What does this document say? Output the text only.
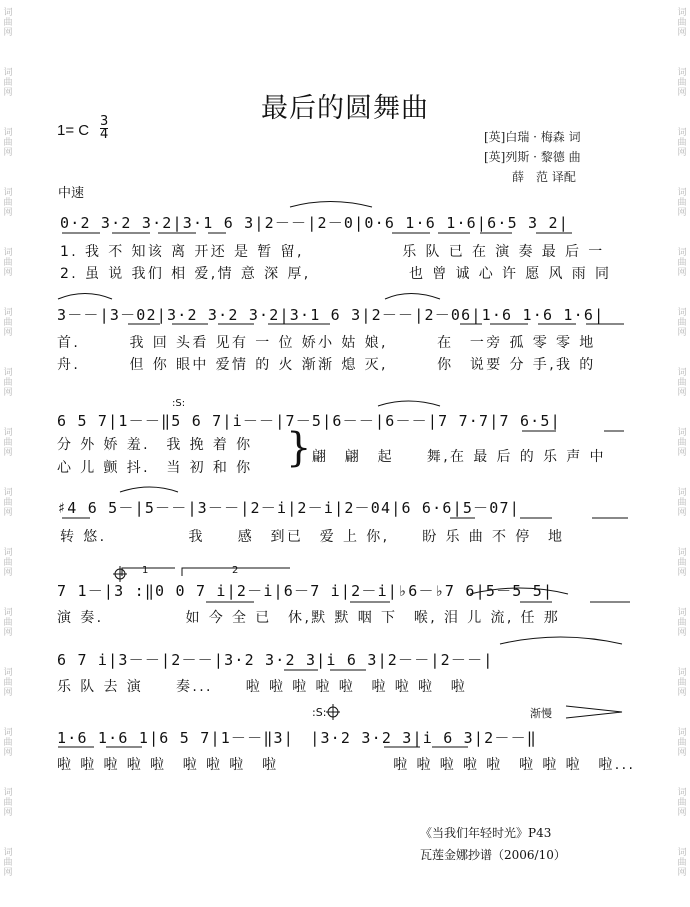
词
曲
网
词
曲
网
词
曲
网
词
曲
网
词
曲
网
词
曲
网
词
曲
网
词
曲
网
词
曲
网
词
曲
网
词
曲
网
词
曲
网
词
曲
网
词
曲
网
词
曲
网
词
曲
网
词
曲
网
词
曲
网
词
曲
网
词
曲
网
词
曲
网
词
曲
网
词
曲
网
词
曲
网
词
曲
网
词
曲
网
词
曲
网
词
曲
网
词
曲
网
词
曲
网
最后的圆舞曲
1= C
3
4	[英]白瑞 · 梅森 词
[英]列斯 · 黎德 曲
薛　范 译配
中速
0·2 3·2 3·2|3·1 6 3|2－－|2－0|0·6 1·6 1·6|6·5 3 2|
1. 我 不 知该 离 开还 是 暂 留,　　　　　　乐 队 已 在 演 奏 最 后 一
2. 虽 说 我们 相 爱,情 意 深 厚,　　　　　　也 曾 诚 心 许 愿 风 雨 同
3－－|3－02|3·2 3·2 3·2|3·1 6 3|2－－|2－06|1·6 1·6 1·6|
首.　　　我 回 头看 见有 一 位 娇小 姑 娘,　　　在　一旁 孤 零 零 地
舟.　　　但 你 眼中 爱情 的 火 渐渐 熄 灭,　　　你　说要 分 手,我 的
:S:
6 5 7|1－－‖5 6 7|i－－|7－5|6－－|6－－|7 7·7|7 6·5|
分 外 娇 羞.　我 挽 着 你
心 儿 颤 抖.　当 初 和 你 } 翩　翩　起　　舞,在 最 后 的 乐 声 中
♯4 6 5－|5－－|3－－|2－i|2－i|2－04|6 6·6|5－07|
转 悠.　　　　　我　　感　到已　爱 上 你,　　盼 乐 曲 不 停　地
1	2
7 1－|3 :‖0 0 7 i|2－i|6－7 i|2－i|♭6－♭7 6|5－5 5|
演 奏.　　　　　如 今 全 已　休,默 默 咽 下　喉, 泪 儿 流, 任 那
6 7 i|3－－|2－－|3·2 3·2 3|i 6 3|2－－|2－－|
乐 队 去 演　　奏...　　啦 啦 啦 啦 啦　啦 啦 啦　啦
渐慢
1·6 1·6 1|6 5 7|1－－‖3|　|3·2 3·2 3|i 6 3|2－－‖
啦 啦 啦 啦 啦　啦 啦 啦　啦　　　　　　　啦 啦 啦 啦 啦　啦 啦 啦　啦...
《当我们年轻时光》P43
瓦莲金娜抄谱（2006/10）
:S:
